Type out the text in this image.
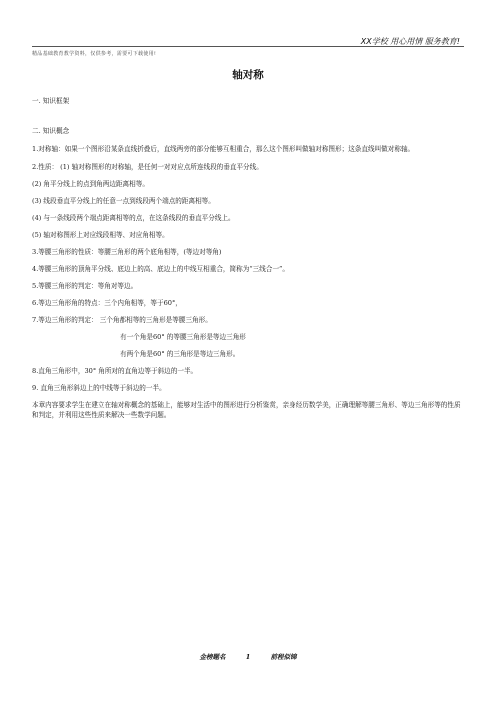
XX学校 用心用情 服务教育!
精品基础教育教学资料，仅供参考，需要可下载使用!
轴对称

一. 知识框架

二. 知识概念

1.对称轴：如果一个图形沿某条直线折叠后，直线两旁的部分能够互相重合，那么这个图形叫做轴对称图形；这条直线叫做对称轴。

2.性质： (1) 轴对称图形的对称轴，是任何一对对应点所连线段的垂直平分线。

(2) 角平分线上的点到角两边距离相等。

(3) 线段垂直平分线上的任意一点到线段两个端点的距离相等。

(4) 与一条线段两个端点距离相等的点，在这条线段的垂直平分线上。

(5) 轴对称图形上对应线段相等、对应角相等。

3.等腰三角形的性质：等腰三角形的两个底角相等，(等边对等角)

4.等腰三角形的顶角平分线、底边上的高、底边上的中线互相重合，简称为“三线合一”。

5.等腰三角形的判定：等角对等边。

6.等边三角形角的特点：三个内角相等，等于60°，

7.等边三角形的判定： 三个角都相等的三角形是等腰三角形。

有一个角是60° 的等腰三角形是等边三角形

有两个角是60° 的三角形是等边三角形。

8.直角三角形中，30° 角所对的直角边等于斜边的一半。

9. 直角三角形斜边上的中线等于斜边的一半。

本章内容要求学生在建立在轴对称概念的基础上，能够对生活中的图形进行分析鉴赏，亲身经历数学美，正确理解等腰三角形、等边三角形等的性质和判定，并利用这些性质来解决一些数学问题。

金榜题名	1	前程似锦
